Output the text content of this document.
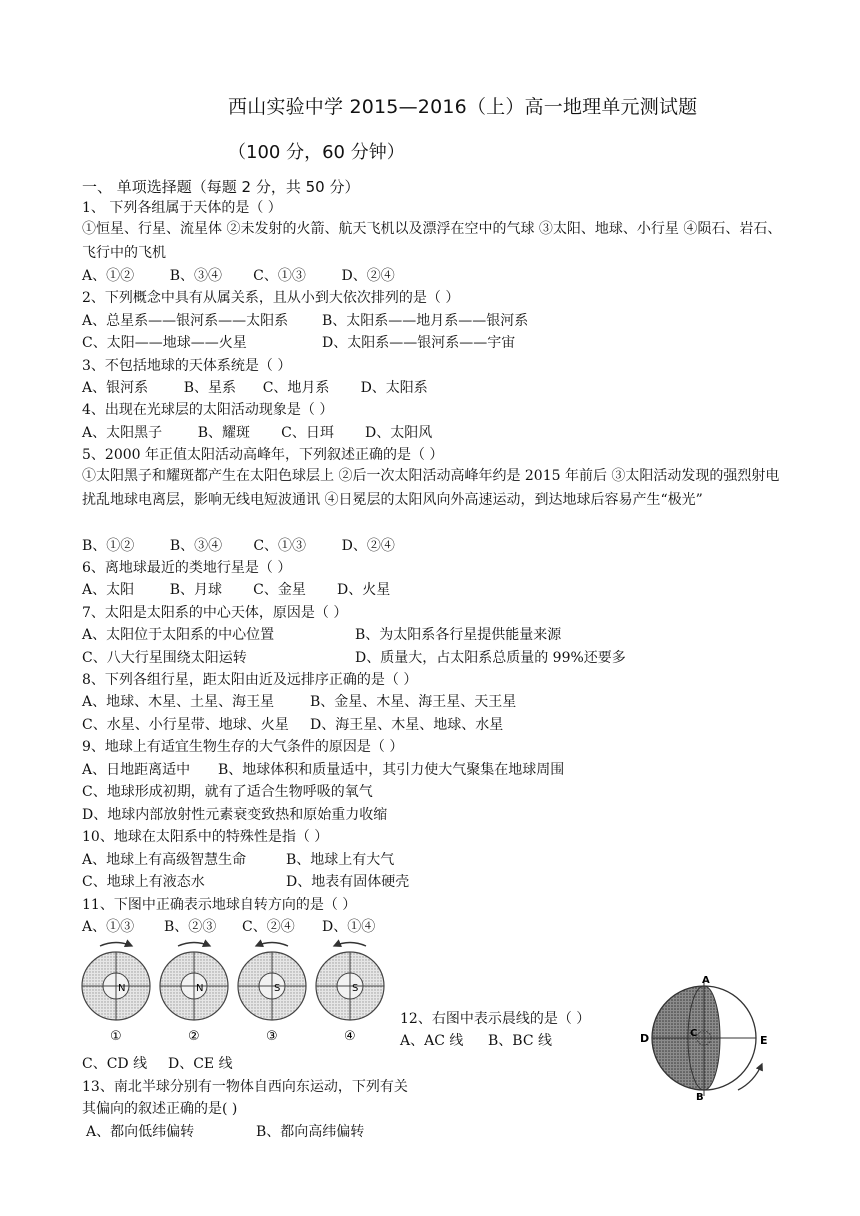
西山实验中学 2015—2016（上）高一地理单元测试题
（100 分，60 分钟）
一、 单项选择题（每题 2 分，共 50 分）
1、 下列各组属于天体的是（ ）
①恒星、行星、流星体 ②未发射的火箭、航天飞机以及漂浮在空中的气球 ③太阳、地球、小行星 ④陨石、岩石、飞行中的飞机
A、①②        B、③④       C、①③        D、②④
2、下列概念中具有从属关系，且从小到大依次排列的是（ ）
A、总星系——银河系——太阳系 B、太阳系——地月系——银河系
C、太阳——地球——火星	D、太阳系——银河系——宇宙
3、不包括地球的天体系统是（ ）
A、银河系        B、星系      C、地月系       D、太阳系
4、出现在光球层的太阳活动现象是（ ）
A、太阳黑子        B、耀斑       C、日珥       D、太阳风
5、2000 年正值太阳活动高峰年，下列叙述正确的是（ ）
①太阳黑子和耀斑都产生在太阳色球层上 ②后一次太阳活动高峰年约是 2015 年前后 ③太阳活动发现的强烈射电扰乱地球电离层，影响无线电短波通讯 ④日冕层的太阳风向外高速运动，到达地球后容易产生“极光”
B、①②        B、③④       C、①③        D、②④
6、离地球最近的类地行星是（ ）
A、太阳        B、月球       C、金星       D、火星
7、太阳是太阳系的中心天体，原因是（ ）
A、太阳位于太阳系的中心位置	B、为太阳系各行星提供能量来源
C、八大行星围绕太阳运转	D、质量大，占太阳系总质量的 99%还要多
8、下列各组行星，距太阳由近及远排序正确的是（ ）
A、地球、木星、土星、海王星	B、金星、木星、海王星、天王星
C、水星、小行星带、地球、火星 D、海王星、木星、地球、水星
9、地球上有适宜生物生存的大气条件的原因是（ ）
A、日地距离适中 B、地球体积和质量适中，其引力使大气聚集在地球周围
C、地球形成初期，就有了适合生物呼吸的氧气
D、地球内部放射性元素衰变致热和原始重力收缩
10、地球在太阳系中的特殊性是指（ ）
A、地球上有高级智慧生命	B、地球上有大气
C、地球上有液态水	D、地表有固体硬壳
11、下图中正确表示地球自转方向的是（ ）
A、①③ B、②③ C、②④ D、①④
N
①
N
②
S
③
S
④
12、右图中表示晨线的是（ ）
A、AC 线 B、BC 线
C、CD 线 D、CE 线
A
B
C
D	E
13、南北半球分别有一物体自西向东运动，下列有关
其偏向的叙述正确的是( )
A、都向低纬偏转	B、都向高纬偏转
